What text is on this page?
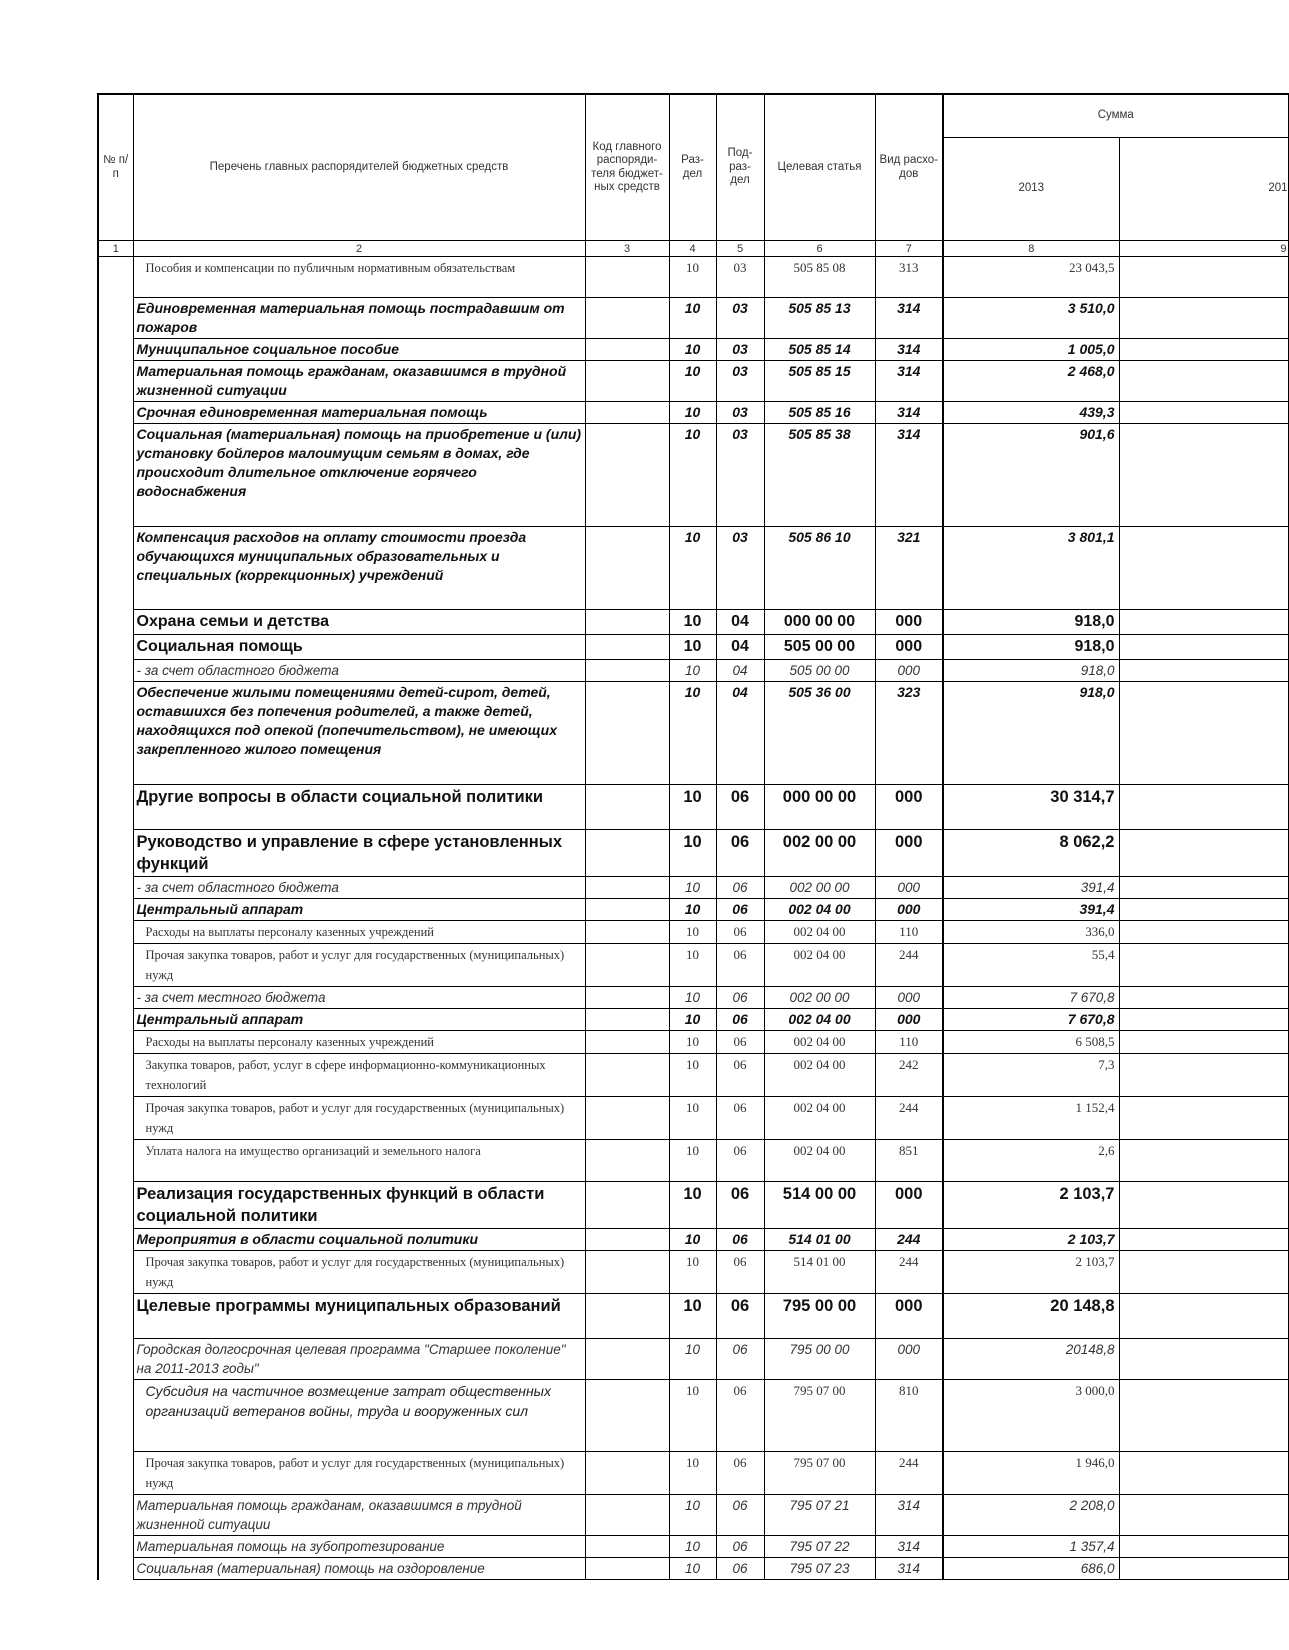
№ п/п	Перечень главных распорядителей бюджетных средств	Код главного распоряди-теля бюджет-ных средств	Раз-дел	Под-раз-дел	Целевая статья	Вид расхо-дов	Сумма	
							2013	201
1	2	3	4	5	6	7	8	9
	Пособия и компенсации по публичным нормативным обязательствам		10	03	505 85 08	313	23 043,5	
	Единовременная материальная помощь пострадавшим от пожаров		10	03	505 85 13	314	3 510,0	
	Муниципальное социальное пособие		10	03	505 85 14	314	1 005,0	
	Материальная помощь гражданам, оказавшимся в трудной жизненной ситуации		10	03	505 85 15	314	2 468,0	
	Срочная единовременная материальная помощь		10	03	505 85 16	314	439,3	
	Социальная (материальная) помощь на приобретение и (или) установку бойлеров малоимущим семьям в домах, где происходит длительное отключение горячего водоснабжения		10	03	505 85 38	314	901,6	
	Компенсация расходов на оплату стоимости проезда обучающихся муниципальных образовательных и специальных (коррекционных) учреждений		10	03	505 86 10	321	3 801,1	
	Охрана семьи и детства		10	04	000 00 00	000	918,0	
	Социальная помощь		10	04	505 00 00	000	918,0	
	- за счет областного бюджета		10	04	505 00 00	000	918,0	
	Обеспечение жилыми помещениями детей-сирот, детей, оставшихся без попечения родителей, а также детей, находящихся под опекой (попечительством), не имеющих закрепленного жилого помещения		10	04	505 36 00	323	918,0	
	Другие вопросы в области социальной политики		10	06	000 00 00	000	30 314,7	
	Руководство и управление в сфере установленных функций		10	06	002 00 00	000	8 062,2	
	- за счет областного бюджета		10	06	002 00 00	000	391,4	
	Центральный аппарат		10	06	002 04 00	000	391,4	
	Расходы на выплаты персоналу казенных учреждений		10	06	002 04 00	110	336,0	
	Прочая закупка товаров, работ и услуг для государственных (муниципальных) нужд		10	06	002 04 00	244	55,4	
	- за счет местного бюджета		10	06	002 00 00	000	7 670,8	
	Центральный аппарат		10	06	002 04 00	000	7 670,8	
	Расходы на выплаты персоналу казенных учреждений		10	06	002 04 00	110	6 508,5	
	Закупка товаров, работ, услуг в сфере информационно-коммуникационных технологий		10	06	002 04 00	242	7,3	
	Прочая закупка товаров, работ и услуг для государственных (муниципальных) нужд		10	06	002 04 00	244	1 152,4	
	Уплата налога на имущество организаций и земельного налога		10	06	002 04 00	851	2,6	
	Реализация государственных функций в области социальной политики		10	06	514 00 00	000	2 103,7	
	Мероприятия в области социальной политики		10	06	514 01 00	244	2 103,7	
	Прочая закупка товаров, работ и услуг для государственных (муниципальных) нужд		10	06	514 01 00	244	2 103,7	
	Целевые программы муниципальных образований		10	06	795 00 00	000	20 148,8	
	Городская долгосрочная целевая программа "Старшее поколение" на 2011-2013 годы"		10	06	795 00 00	000	20148,8	
	Субсидия на частичное возмещение затрат общественных организаций ветеранов войны, труда и вооруженных сил		10	06	795 07 00	810	3 000,0	
	Прочая закупка товаров, работ и услуг для государственных (муниципальных) нужд		10	06	795 07 00	244	1 946,0	
	Материальная помощь гражданам, оказавшимся в трудной жизненной ситуации		10	06	795 07 21	314	2 208,0	
	Материальная помощь на зубопротезирование		10	06	795 07 22	314	1 357,4	
	Социальная (материальная) помощь на оздоровление		10	06	795 07 23	314	686,0	
